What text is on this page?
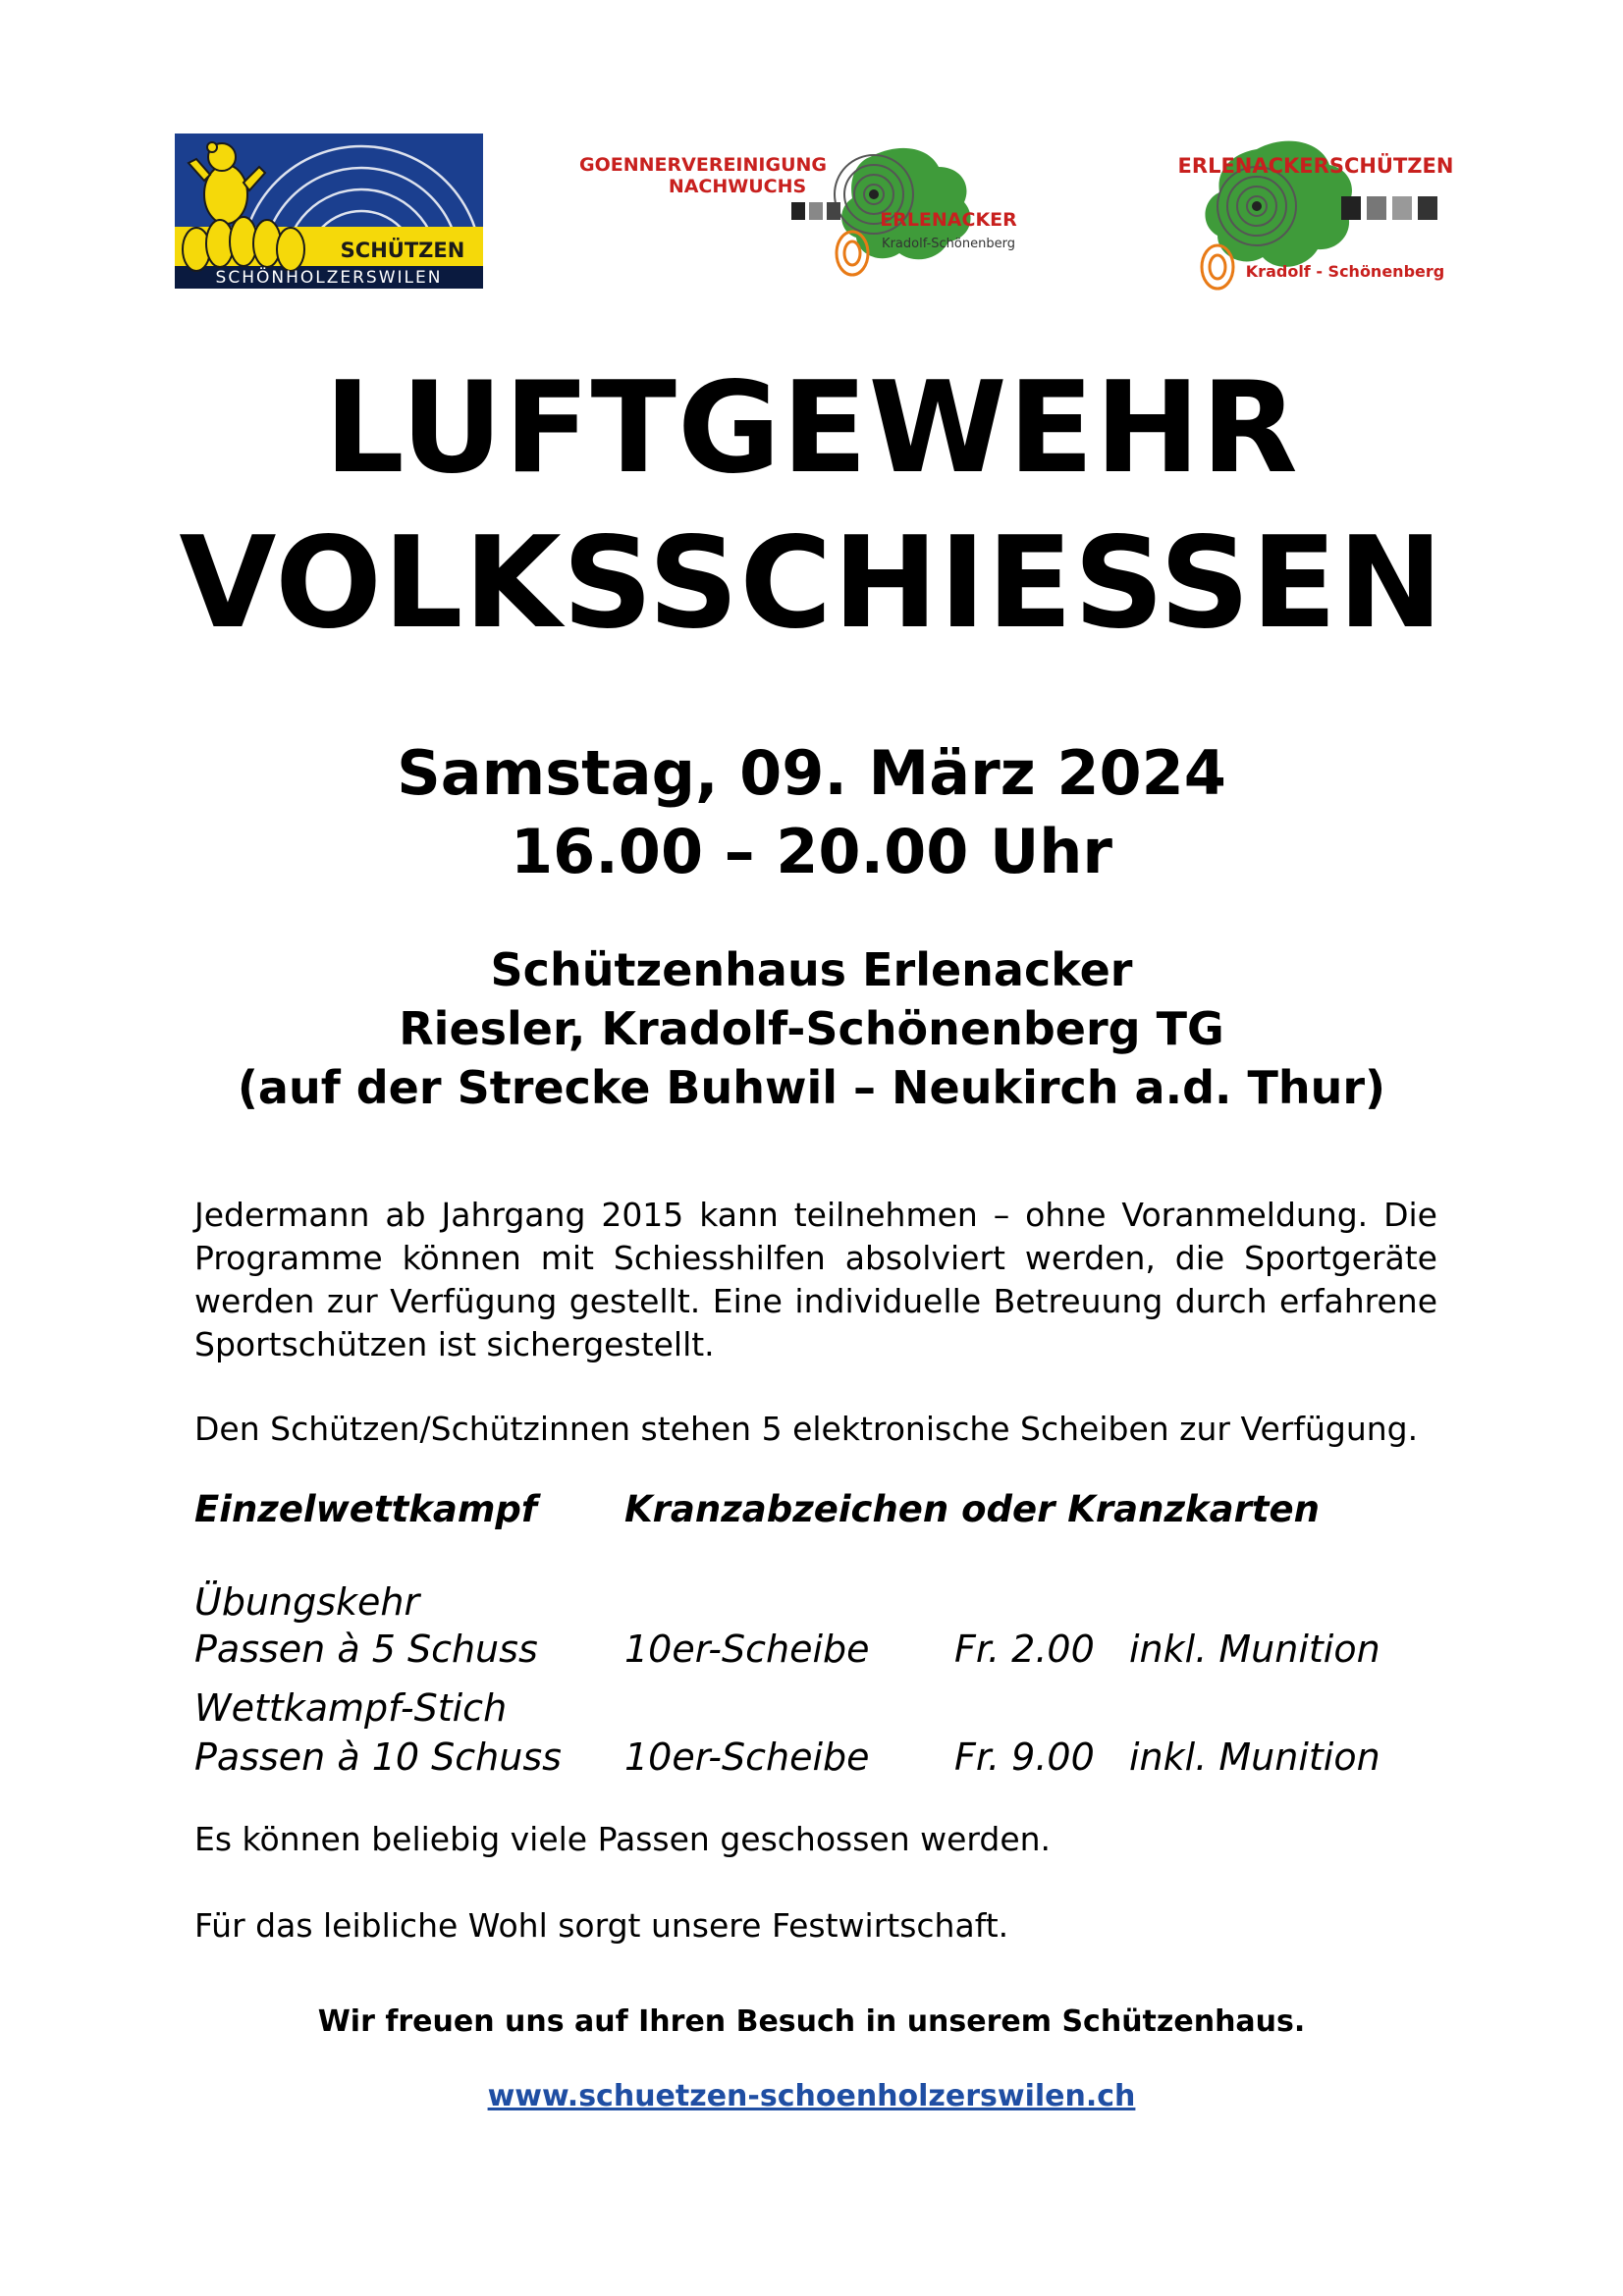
SCHÜTZEN
SCHÖNHOLZERSWILEN
GOENNERVEREINIGUNG
NACHWUCHS
ERLENACKER
Kradolf-Schönenberg
ERLENACKERSCHÜTZEN
Kradolf - Schönenberg
LUFTGEWEHR
VOLKSSCHIESSEN
Samstag, 09. März 2024
16.00 – 20.00 Uhr
Schützenhaus Erlenacker
Riesler, Kradolf-Schönenberg TG
(auf der Strecke Buhwil – Neukirch a.d. Thur)
Jedermann ab Jahrgang 2015 kann teilnehmen – ohne Voranmeldung. Die Programme können mit Schiesshilfen absolviert werden, die Sportgeräte werden zur Verfügung gestellt. Eine individuelle Betreuung durch erfahrene Sportschützen ist sichergestellt.
Den Schützen/Schützinnen stehen 5 elektronische Scheiben zur Verfügung.
Einzelwettkampf Kranzabzeichen oder Kranzkarten
Übungskehr
Passen à 5 Schuss 10er-Scheibe Fr. 2.00 inkl. Munition
Wettkampf-Stich
Passen à 10 Schuss 10er-Scheibe Fr. 9.00 inkl. Munition
Es können beliebig viele Passen geschossen werden.
Für das leibliche Wohl sorgt unsere Festwirtschaft.
Wir freuen uns auf Ihren Besuch in unserem Schützenhaus.
www.schuetzen-schoenholzerswilen.ch
